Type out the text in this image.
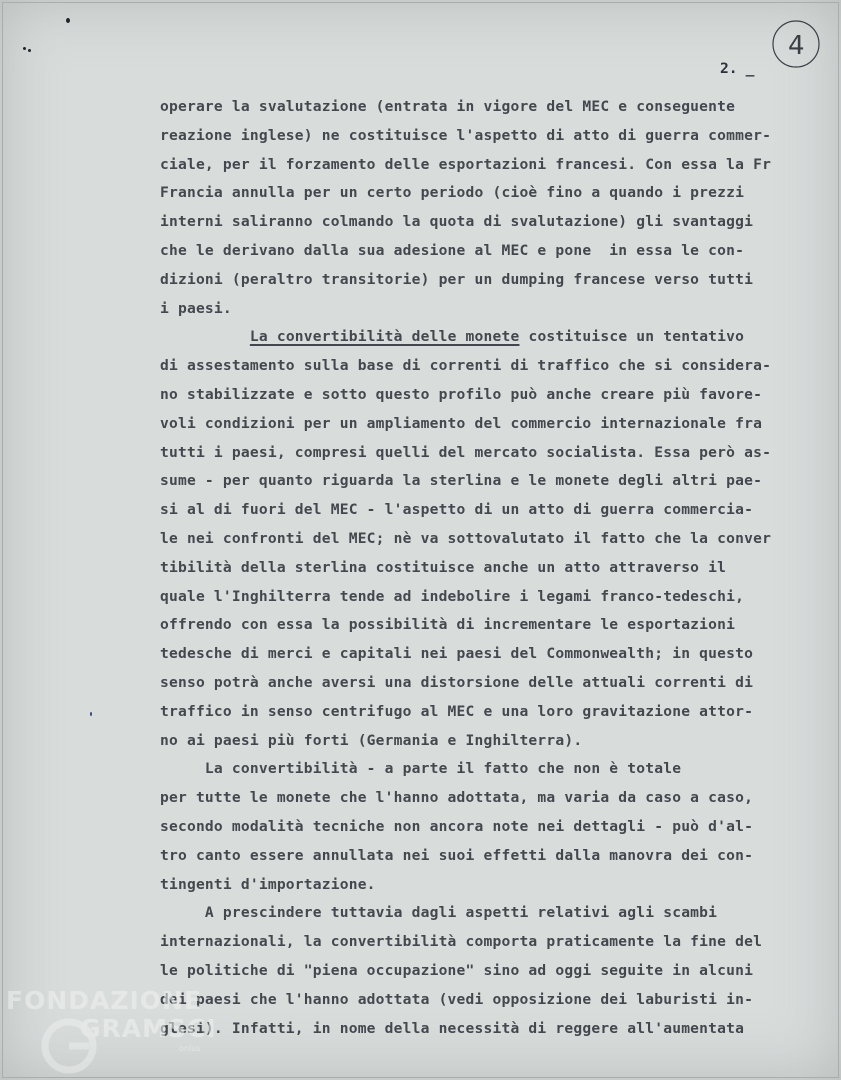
4
2. _
operare la svalutazione (entrata in vigore del MEC e conseguente
reazione inglese) ne costituisce l'aspetto di atto di guerra commer-
ciale, per il forzamento delle esportazioni francesi. Con essa la Fr
Francia annulla per un certo periodo (cioè fino a quando i prezzi
interni saliranno colmando la quota di svalutazione) gli svantaggi
che le derivano dalla sua adesione al MEC e pone  in essa le con-
dizioni (peraltro transitorie) per un dumping francese verso tutti
i paesi.
La convertibilità delle monete costituisce un tentativo
di assestamento sulla base di correnti di traffico che si considera-
no stabilizzate e sotto questo profilo può anche creare più favore-
voli condizioni per un ampliamento del commercio internazionale fra
tutti i paesi, compresi quelli del mercato socialista. Essa però as-
sume - per quanto riguarda la sterlina e le monete degli altri pae-
si al di fuori del MEC - l'aspetto di un atto di guerra commercia-
le nei confronti del MEC; nè va sottovalutato il fatto che la conver
tibilità della sterlina costituisce anche un atto attraverso il
quale l'Inghilterra tende ad indebolire i legami franco-tedeschi,
offrendo con essa la possibilità di incrementare le esportazioni
tedesche di merci e capitali nei paesi del Commonwealth; in questo
senso potrà anche aversi una distorsione delle attuali correnti di
traffico in senso centrifugo al MEC e una loro gravitazione attor-
no ai paesi più forti (Germania e Inghilterra).
La convertibilità - a parte il fatto che non è totale
per tutte le monete che l'hanno adottata, ma varia da caso a caso,
secondo modalità tecniche non ancora note nei dettagli - può d'al-
tro canto essere annullata nei suoi effetti dalla manovra dei con-
tingenti d'importazione.
A prescindere tuttavia dagli aspetti relativi agli scambi
internazionali, la convertibilità comporta praticamente la fine del
le politiche di "piena occupazione" sino ad oggi seguite in alcuni
dei paesi che l'hanno adottata (vedi opposizione dei laburisti in-
glesi). Infatti, in nome della necessità di reggere all'aumentata
FONDAZIONE
GRAMSCI
onlus
